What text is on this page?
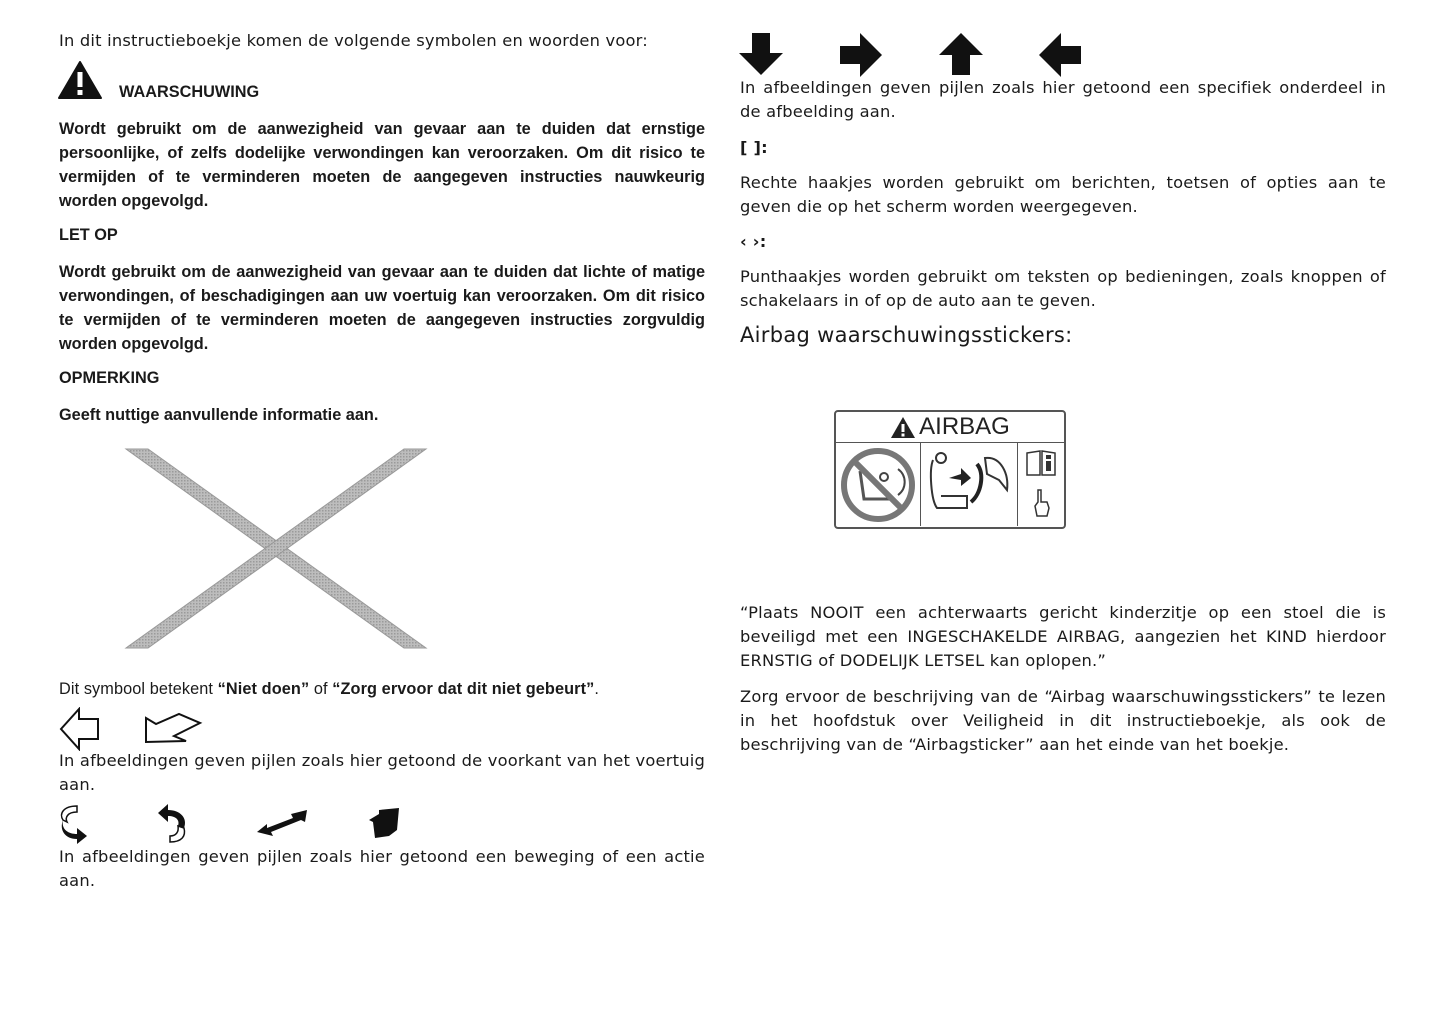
In dit instructieboekje komen de volgende symbolen en woorden voor:
WAARSCHUWING
Wordt gebruikt om de aanwezigheid van gevaar aan te duiden dat ernstige persoonlijke, of zelfs dodelijke verwondingen kan veroorzaken. Om dit risico te vermijden of te verminderen moeten de aangegeven instructies nauwkeurig worden opgevolgd.
LET OP
Wordt gebruikt om de aanwezigheid van gevaar aan te duiden dat lichte of matige verwondingen, of beschadigingen aan uw voertuig kan veroorzaken. Om dit risico te vermijden of te verminderen moeten de aangegeven instructies zorgvuldig worden opgevolgd.
OPMERKING
Geeft nuttige aanvullende informatie aan.
Dit symbool betekent “Niet doen” of “Zorg ervoor dat dit niet gebeurt”.
In afbeeldingen geven pijlen zoals hier getoond de voorkant van het voertuig aan.
In afbeeldingen geven pijlen zoals hier getoond een beweging of een actie aan.
In afbeeldingen geven pijlen zoals hier getoond een specifiek onderdeel in de afbeelding aan.
[ ]:
Rechte haakjes worden gebruikt om berichten, toetsen of opties aan te geven die op het scherm worden weergegeven.
‹ ›:
Punthaakjes worden gebruikt om teksten op bedieningen, zoals knoppen of schakelaars in of op de auto aan te geven.
Airbag waarschuwingsstickers:
AIRBAG
“Plaats NOOIT een achterwaarts gericht kinderzitje op een stoel die is beveiligd met een INGESCHAKELDE AIRBAG, aangezien het KIND hierdoor ERNSTIG of DODELIJK LETSEL kan oplopen.”
Zorg ervoor de beschrijving van de “Airbag waarschuwingsstickers” te lezen in het hoofdstuk over Veiligheid in dit instructieboekje, als ook de beschrijving van de “Airbagsticker” aan het einde van het boekje.
